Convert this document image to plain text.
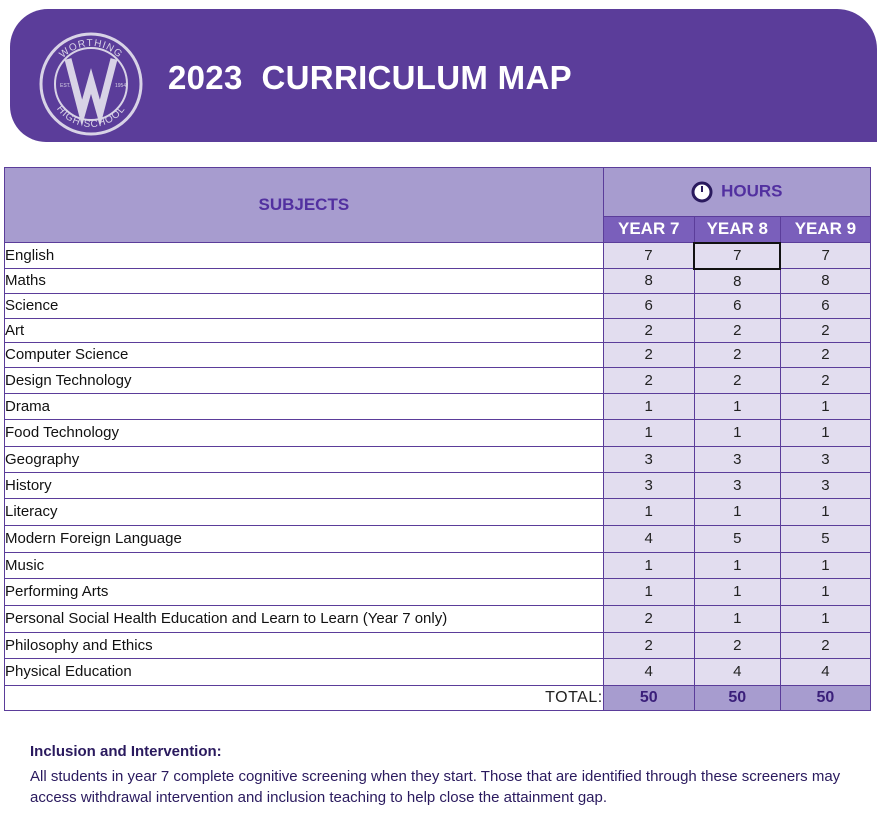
WORTHING
HIGH SCHOOL
EST.	1954 2023  CURRICULUM MAP
SUBJECTS	HOURS		
	YEAR 7	YEAR 8	YEAR 9
English	7	7	7
Maths	8	8	8
Science	6	6	6
Art	2	2	2
Computer Science	2	2	2
Design Technology	2	2	2
Drama	1	1	1
Food Technology	1	1	1
Geography	3	3	3
History	3	3	3
Literacy	1	1	1
Modern Foreign Language	4	5	5
Music	1	1	1
Performing Arts	1	1	1
Personal Social Health Education and Learn to Learn (Year 7 only)	2	1	1
Philosophy and Ethics	2	2	2
Physical Education	4	4	4
TOTAL:	50	50	50
Inclusion and Intervention:
All students in year 7 complete cognitive screening when they start. Those that are identified through these screeners may access withdrawal intervention and inclusion teaching to help close the attainment gap.
